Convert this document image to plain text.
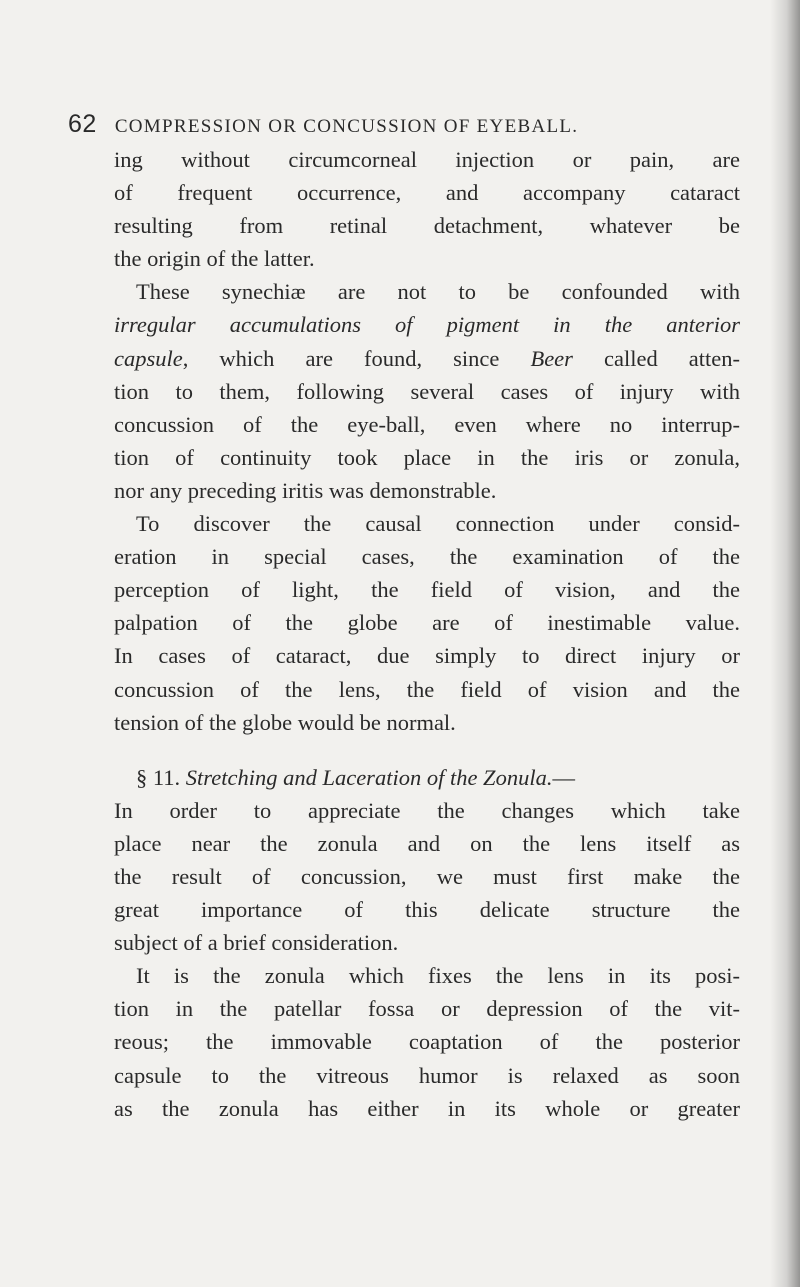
62 COMPRESSION OR CONCUSSION OF EYEBALL.
ing without circumcorneal injection or pain, are
of frequent occurrence, and accompany cataract
resulting from retinal detachment, whatever be
the origin of the latter.
These synechiæ are not to be confounded with
irregular accumulations of pigment in the anterior
capsule, which are found, since Beer called atten-
tion to them, following several cases of injury with
concussion of the eye-ball, even where no interrup-
tion of continuity took place in the iris or zonula,
nor any preceding iritis was demonstrable.
To discover the causal connection under consid-
eration in special cases, the examination of the
perception of light, the field of vision, and the
palpation of the globe are of inestimable value.
In cases of cataract, due simply to direct injury or
concussion of the lens, the field of vision and the
tension of the globe would be normal.
§ 11. Stretching and Laceration of the Zonula.—
In order to appreciate the changes which take
place near the zonula and on the lens itself as
the result of concussion, we must first make the
great importance of this delicate structure the
subject of a brief consideration.
It is the zonula which fixes the lens in its posi-
tion in the patellar fossa or depression of the vit-
reous; the immovable coaptation of the posterior
capsule to the vitreous humor is relaxed as soon
as the zonula has either in its whole or greater
